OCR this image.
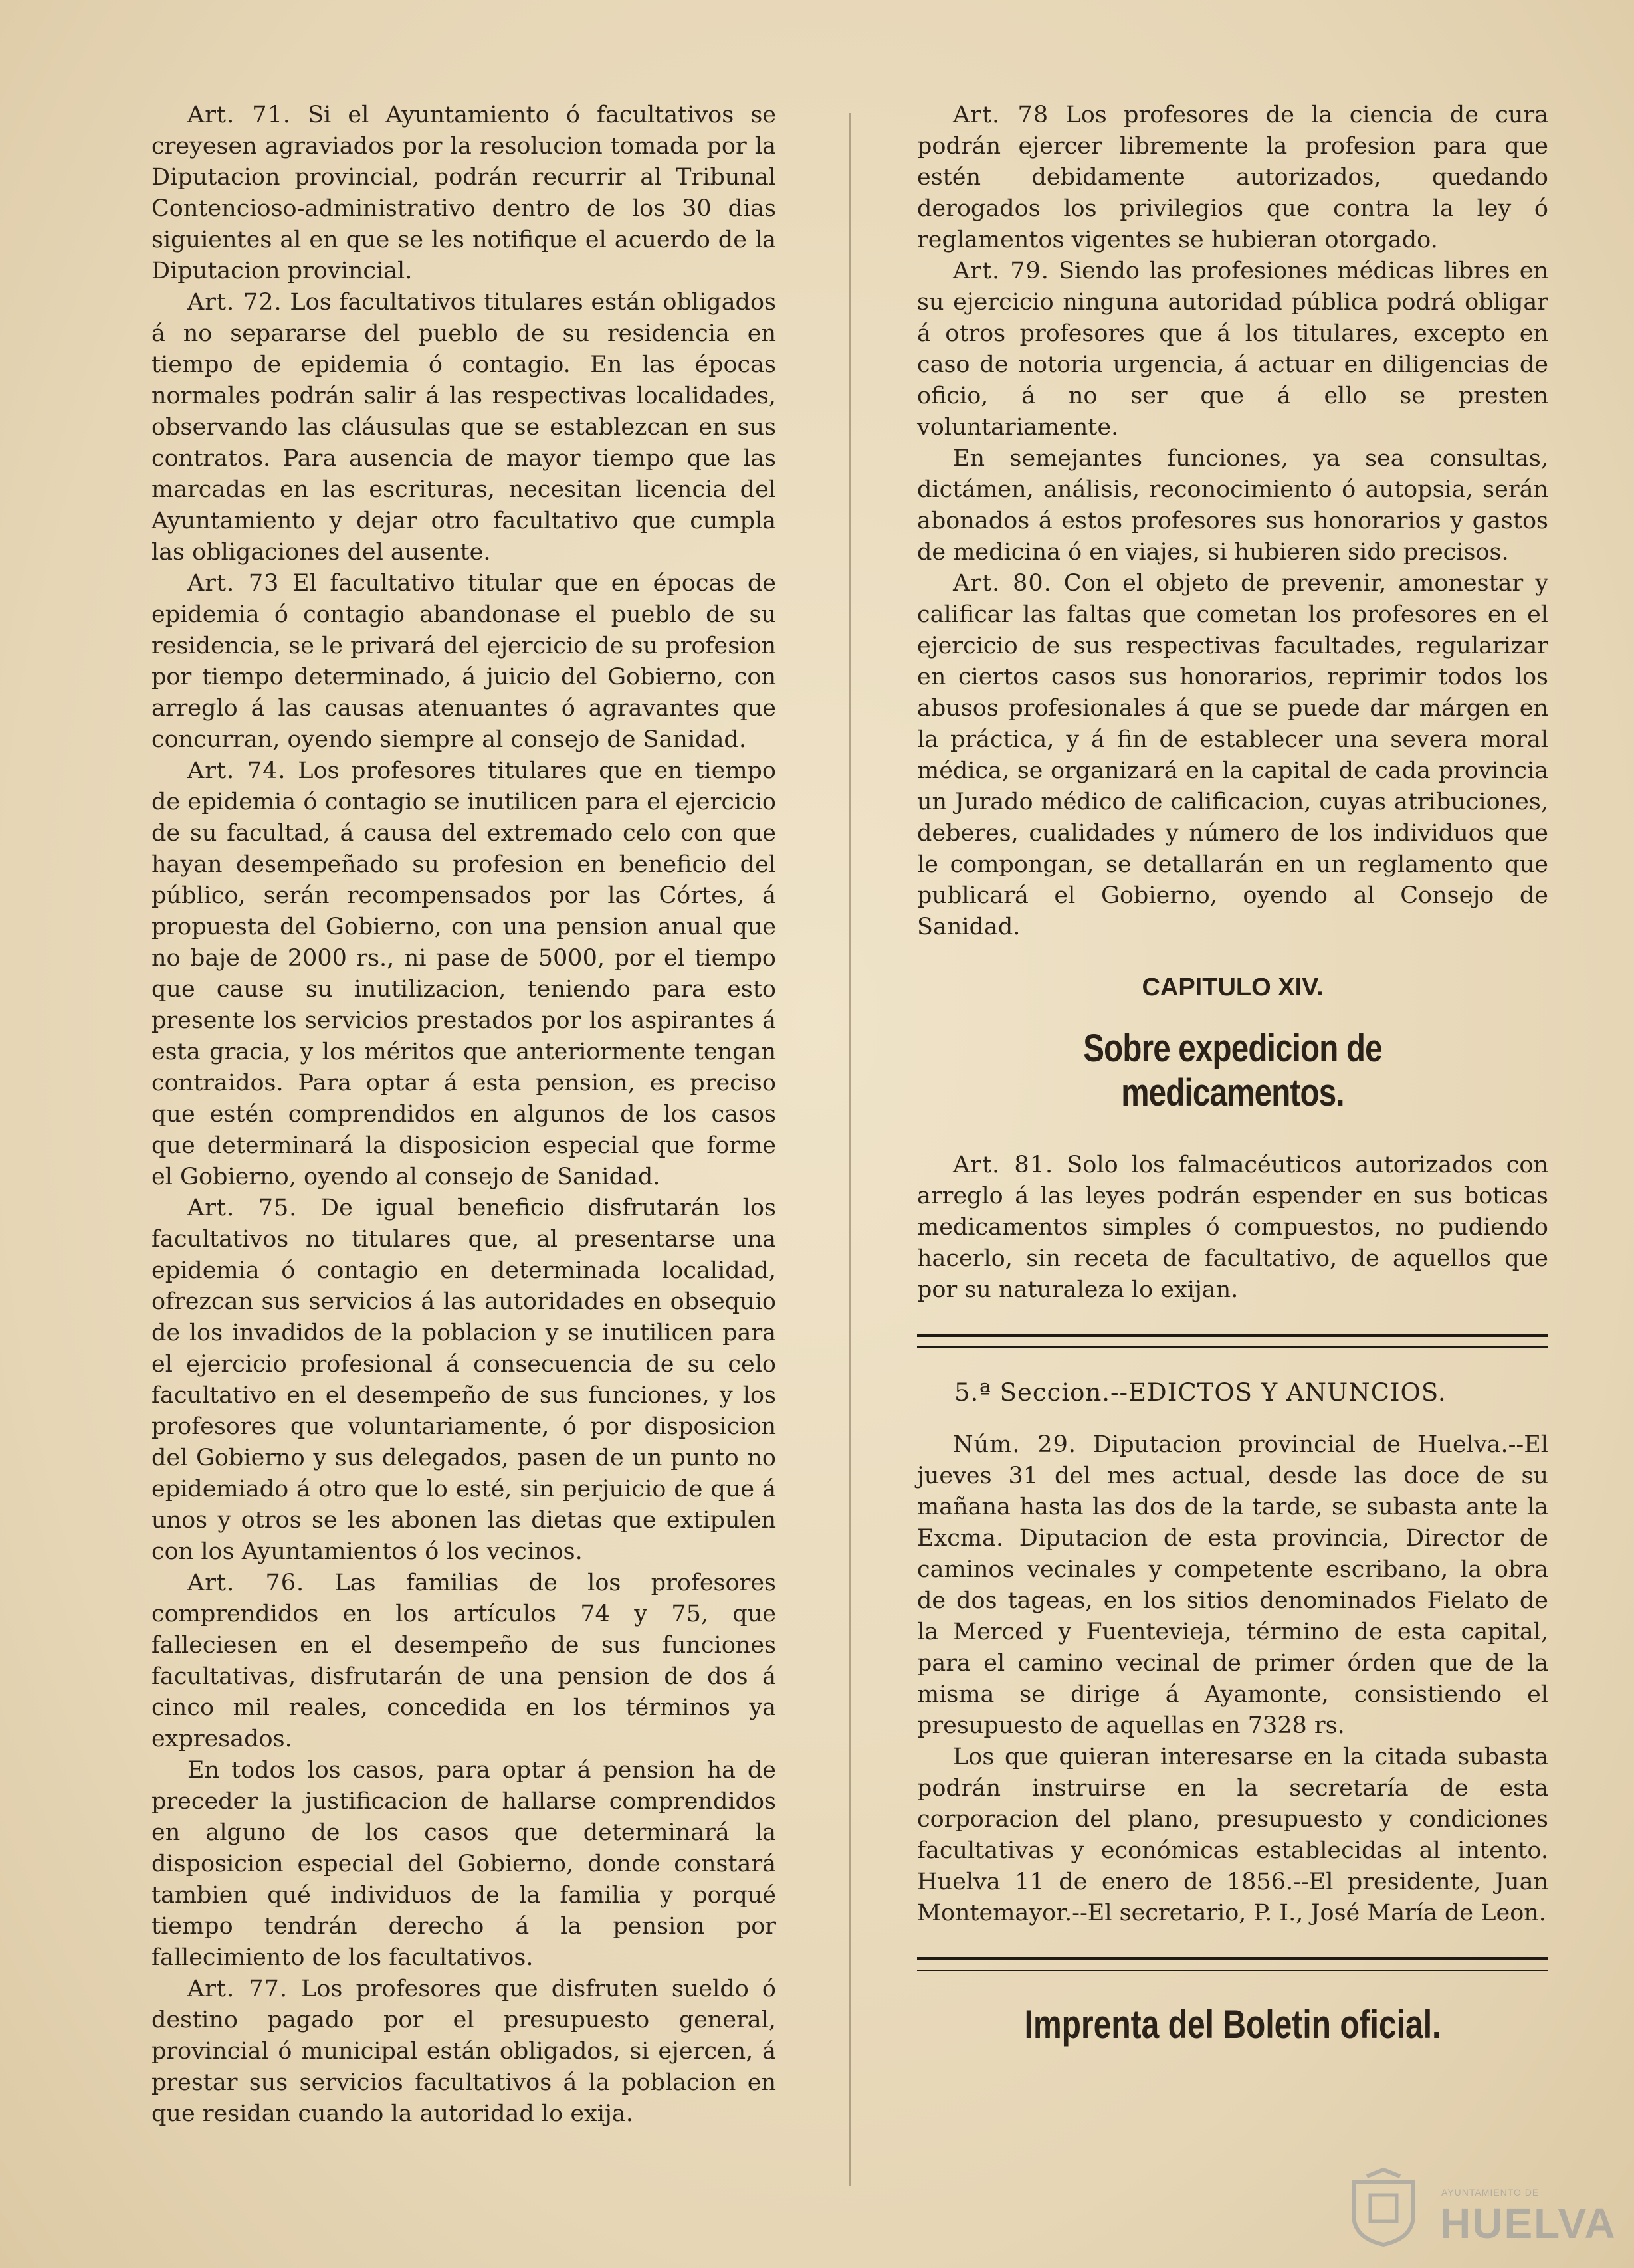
Art. 71. Si el Ayuntamiento ó facultativos se creyesen agraviados por la resolucion tomada por la Diputacion provincial, podrán recurrir al Tribunal Contencioso-administrativo dentro de los 30 dias siguientes al en que se les notifique el acuerdo de la Diputacion provincial.

Art. 72. Los facultativos titulares están obligados á no separarse del pueblo de su residencia en tiempo de epidemia ó contagio. En las épocas normales podrán salir á las respectivas localidades, observando las cláusulas que se establezcan en sus contratos. Para ausencia de mayor tiempo que las marcadas en las escrituras, necesitan licencia del Ayuntamiento y dejar otro facultativo que cumpla las obligaciones del ausente.

Art. 73 El facultativo titular que en épocas de epidemia ó contagio abandonase el pueblo de su residencia, se le privará del ejercicio de su profesion por tiempo determinado, á juicio del Gobierno, con arreglo á las causas atenuantes ó agravantes que concurran, oyendo siempre al consejo de Sanidad.

Art. 74. Los profesores titulares que en tiempo de epidemia ó contagio se inutilicen para el ejercicio de su facultad, á causa del extremado celo con que hayan desempeñado su profesion en beneficio del público, serán recompensados por las Córtes, á propuesta del Gobierno, con una pension anual que no baje de 2000 rs., ni pase de 5000, por el tiempo que cause su inutilizacion, teniendo para esto presente los servicios prestados por los aspirantes á esta gracia, y los méritos que anteriormente tengan contraidos. Para optar á esta pension, es preciso que estén comprendidos en algunos de los casos que determinará la disposicion especial que forme el Gobierno, oyendo al consejo de Sanidad.

Art. 75. De igual beneficio disfrutarán los facultativos no titulares que, al presentarse una epidemia ó contagio en determinada localidad, ofrezcan sus servicios á las autoridades en obsequio de los invadidos de la poblacion y se inutilicen para el ejercicio profesional á consecuencia de su celo facultativo en el desempeño de sus funciones, y los profesores que voluntariamente, ó por disposicion del Gobierno y sus delegados, pasen de un punto no epidemiado á otro que lo esté, sin perjuicio de que á unos y otros se les abonen las dietas que extipulen con los Ayuntamientos ó los vecinos.

Art. 76. Las familias de los profesores comprendidos en los artículos 74 y 75, que falleciesen en el desempeño de sus funciones facultativas, disfrutarán de una pension de dos á cinco mil reales, concedida en los términos ya expresados.

En todos los casos, para optar á pension ha de preceder la justificacion de hallarse comprendidos en alguno de los casos que determinará la disposicion especial del Gobierno, donde constará tambien qué individuos de la familia y porqué tiempo tendrán derecho á la pension por fallecimiento de los facultativos.

Art. 77. Los profesores que disfruten sueldo ó destino pagado por el presupuesto general, provincial ó municipal están obligados, si ejercen, á prestar sus servicios facultativos á la poblacion en que residan cuando la autoridad lo exija.

Art. 78 Los profesores de la ciencia de cura podrán ejercer libremente la profesion para que estén debidamente autorizados, quedando derogados los privilegios que contra la ley ó reglamentos vigentes se hubieran otorgado.

Art. 79. Siendo las profesiones médicas libres en su ejercicio ninguna autoridad pública podrá obligar á otros profesores que á los titulares, excepto en caso de notoria urgencia, á actuar en diligencias de oficio, á no ser que á ello se presten voluntariamente.

En semejantes funciones, ya sea consultas, dictámen, análisis, reconocimiento ó autopsia, serán abonados á estos profesores sus honorarios y gastos de medicina ó en viajes, si hubieren sido precisos.

Art. 80. Con el objeto de prevenir, amonestar y calificar las faltas que cometan los profesores en el ejercicio de sus respectivas facultades, regularizar en ciertos casos sus honorarios, reprimir todos los abusos profesionales á que se puede dar márgen en la práctica, y á fin de establecer una severa moral médica, se organizará en la capital de cada provincia un Jurado médico de calificacion, cuyas atribuciones, deberes, cualidades y número de los individuos que le compongan, se detallarán en un reglamento que publicará el Gobierno, oyendo al Consejo de Sanidad.

CAPITULO XIV.
Sobre expedicion de medicamentos.

Art. 81. Solo los falmacéuticos autorizados con arreglo á las leyes podrán espender en sus boticas medicamentos simples ó compuestos, no pudiendo hacerlo, sin receta de facultativo, de aquellos que por su naturaleza lo exijan.

5.ª Seccion.--EDICTOS Y ANUNCIOS.

Núm. 29. Diputacion provincial de Huelva.--El jueves 31 del mes actual, desde las doce de su mañana hasta las dos de la tarde, se subasta ante la Excma. Diputacion de esta provincia, Director de caminos vecinales y competente escribano, la obra de dos tageas, en los sitios denominados Fielato de la Merced y Fuentevieja, término de esta capital, para el camino vecinal de primer órden que de la misma se dirige á Ayamonte, consistiendo el presupuesto de aquellas en 7328 rs.

Los que quieran interesarse en la citada subasta podrán instruirse en la secretaría de esta corporacion del plano, presupuesto y condiciones facultativas y económicas establecidas al intento. Huelva 11 de enero de 1856.--El presidente, Juan Montemayor.--El secretario, P. I., José María de Leon.

Imprenta del Boletin oficial.
AYUNTAMIENTO DE
HUELVA
